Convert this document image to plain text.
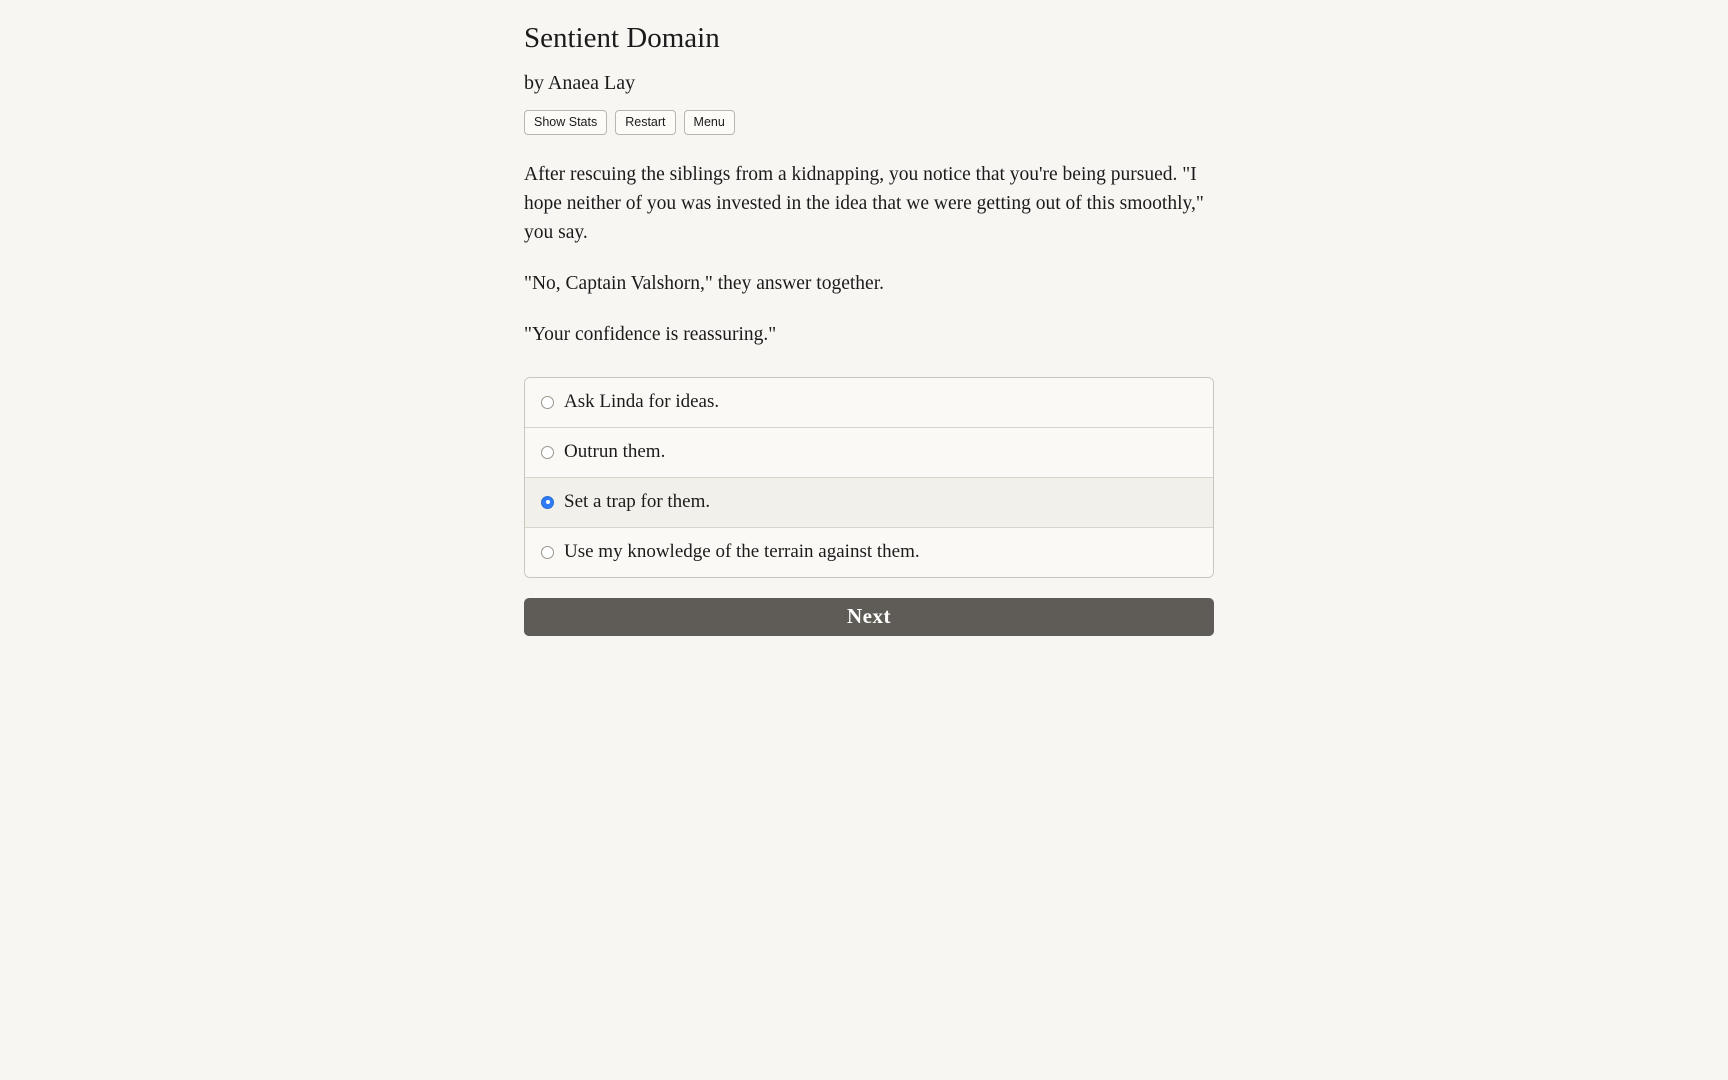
Sentient Domain
by Anaea Lay
Show Stats	Restart	Menu

After rescuing the siblings from a kidnapping, you notice that you're being pursued. "I hope neither of you was invested in the idea that we were getting out of this smoothly," you say.

"No, Captain Valshorn," they answer together.

"Your confidence is reassuring."

Ask Linda for ideas.
Outrun them.
Set a trap for them.
Use my knowledge of the terrain against them.
Next
